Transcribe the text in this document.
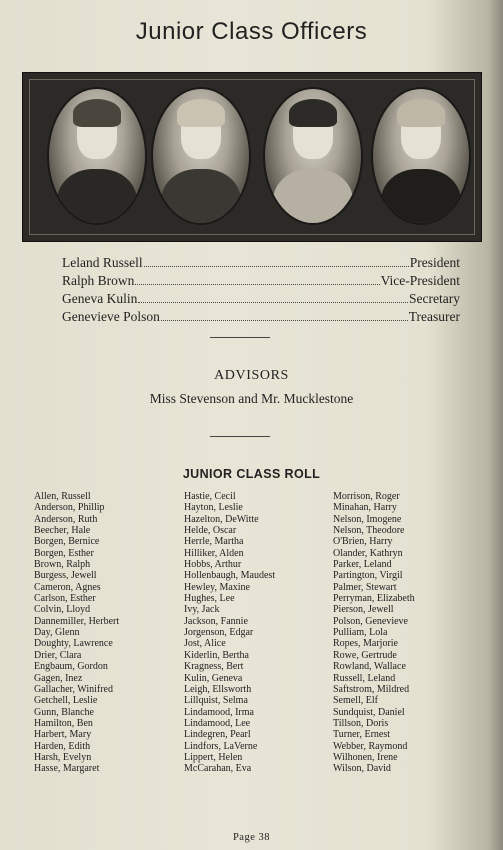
Junior Class Officers
Leland Russell	President
Ralph Brown	Vice-President
Geneva Kulin	Secretary
Genevieve Polson	Treasurer
ADVISORS
Miss Stevenson and Mr. Mucklestone
JUNIOR CLASS ROLL
Allen, Russell
Anderson, Phillip
Anderson, Ruth
Beecher, Hale
Borgen, Bernice
Borgen, Esther
Brown, Ralph
Burgess, Jewell
Cameron, Agnes
Carlson, Esther
Colvin, Lloyd
Dannemiller, Herbert
Day, Glenn
Doughty, Lawrence
Drier, Clara
Engbaum, Gordon
Gagen, Inez
Gallacher, Winifred
Getchell, Leslie
Gunn, Blanche
Hamilton, Ben
Harbert, Mary
Harden, Edith
Harsh, Evelyn
Hasse, Margaret
Hastie, Cecil
Hayton, Leslie
Hazelton, DeWitte
Helde, Oscar
Herrle, Martha
Hilliker, Alden
Hobbs, Arthur
Hollenbaugh, Maudest
Hewley, Maxine
Hughes, Lee
Ivy, Jack
Jackson, Fannie
Jorgenson, Edgar
Jost, Alice
Kiderlin, Bertha
Kragness, Bert
Kulin, Geneva
Leigh, Ellsworth
Lillquist, Selma
Lindamood, Irma
Lindamood, Lee
Lindegren, Pearl
Lindfors, LaVerne
Lippert, Helen
McCarahan, Eva
Morrison, Roger
Minahan, Harry
Nelson, Imogene
Nelson, Theodore
O'Brien, Harry
Olander, Kathryn
Parker, Leland
Partington, Virgil
Palmer, Stewart
Perryman, Elizabeth
Pierson, Jewell
Polson, Genevieve
Pulliam, Lola
Ropes, Marjorie
Rowe, Gertrude
Rowland, Wallace
Russell, Leland
Saftstrom, Mildred
Semell, Elf
Sundquist, Daniel
Tillson, Doris
Turner, Ernest
Webber, Raymond
Wilhonen, Irene
Wilson, David
Page 38
